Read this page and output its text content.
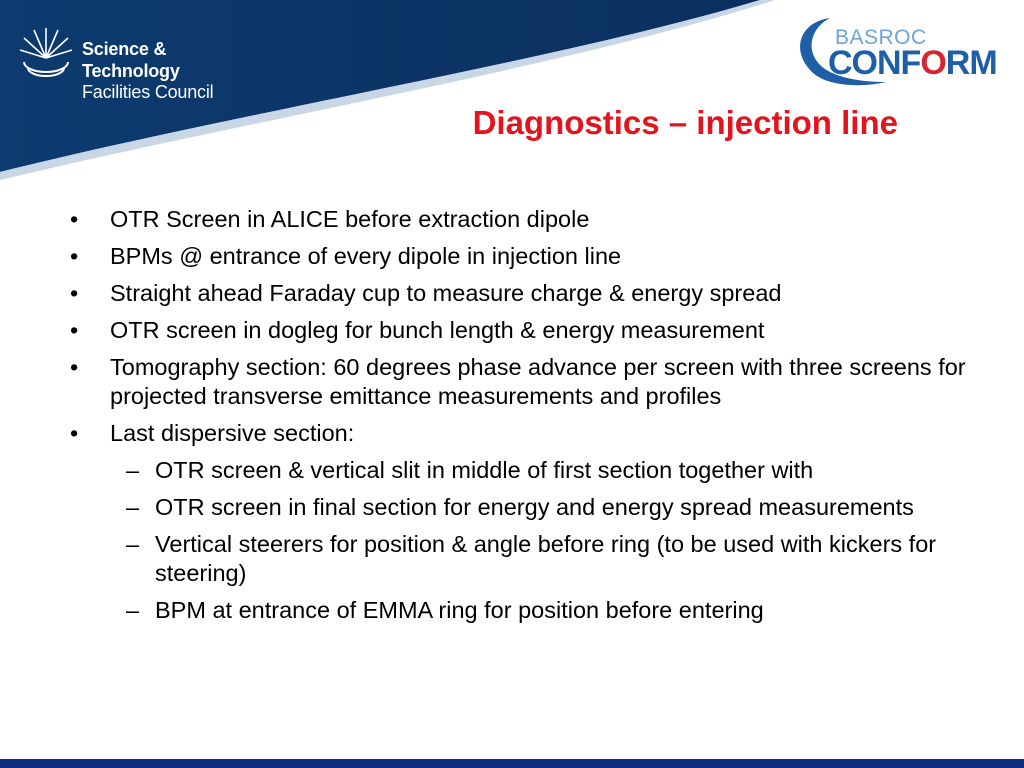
Science & Technology
Facilities Council
BASROC
CONFORM
Diagnostics – injection line
• OTR Screen in ALICE before extraction dipole
• BPMs @ entrance of every dipole in injection line
• Straight ahead Faraday cup to measure charge & energy spread
• OTR screen in dogleg for bunch length & energy measurement
• Tomography section: 60 degrees phase advance per screen with three screens for projected transverse emittance measurements and profiles
• Last dispersive section:
– OTR screen & vertical slit in middle of first section together with
– OTR screen in final section for energy and energy spread measurements
– Vertical steerers for position & angle before ring (to be used with kickers for steering)
– BPM at entrance of EMMA ring for position before entering
